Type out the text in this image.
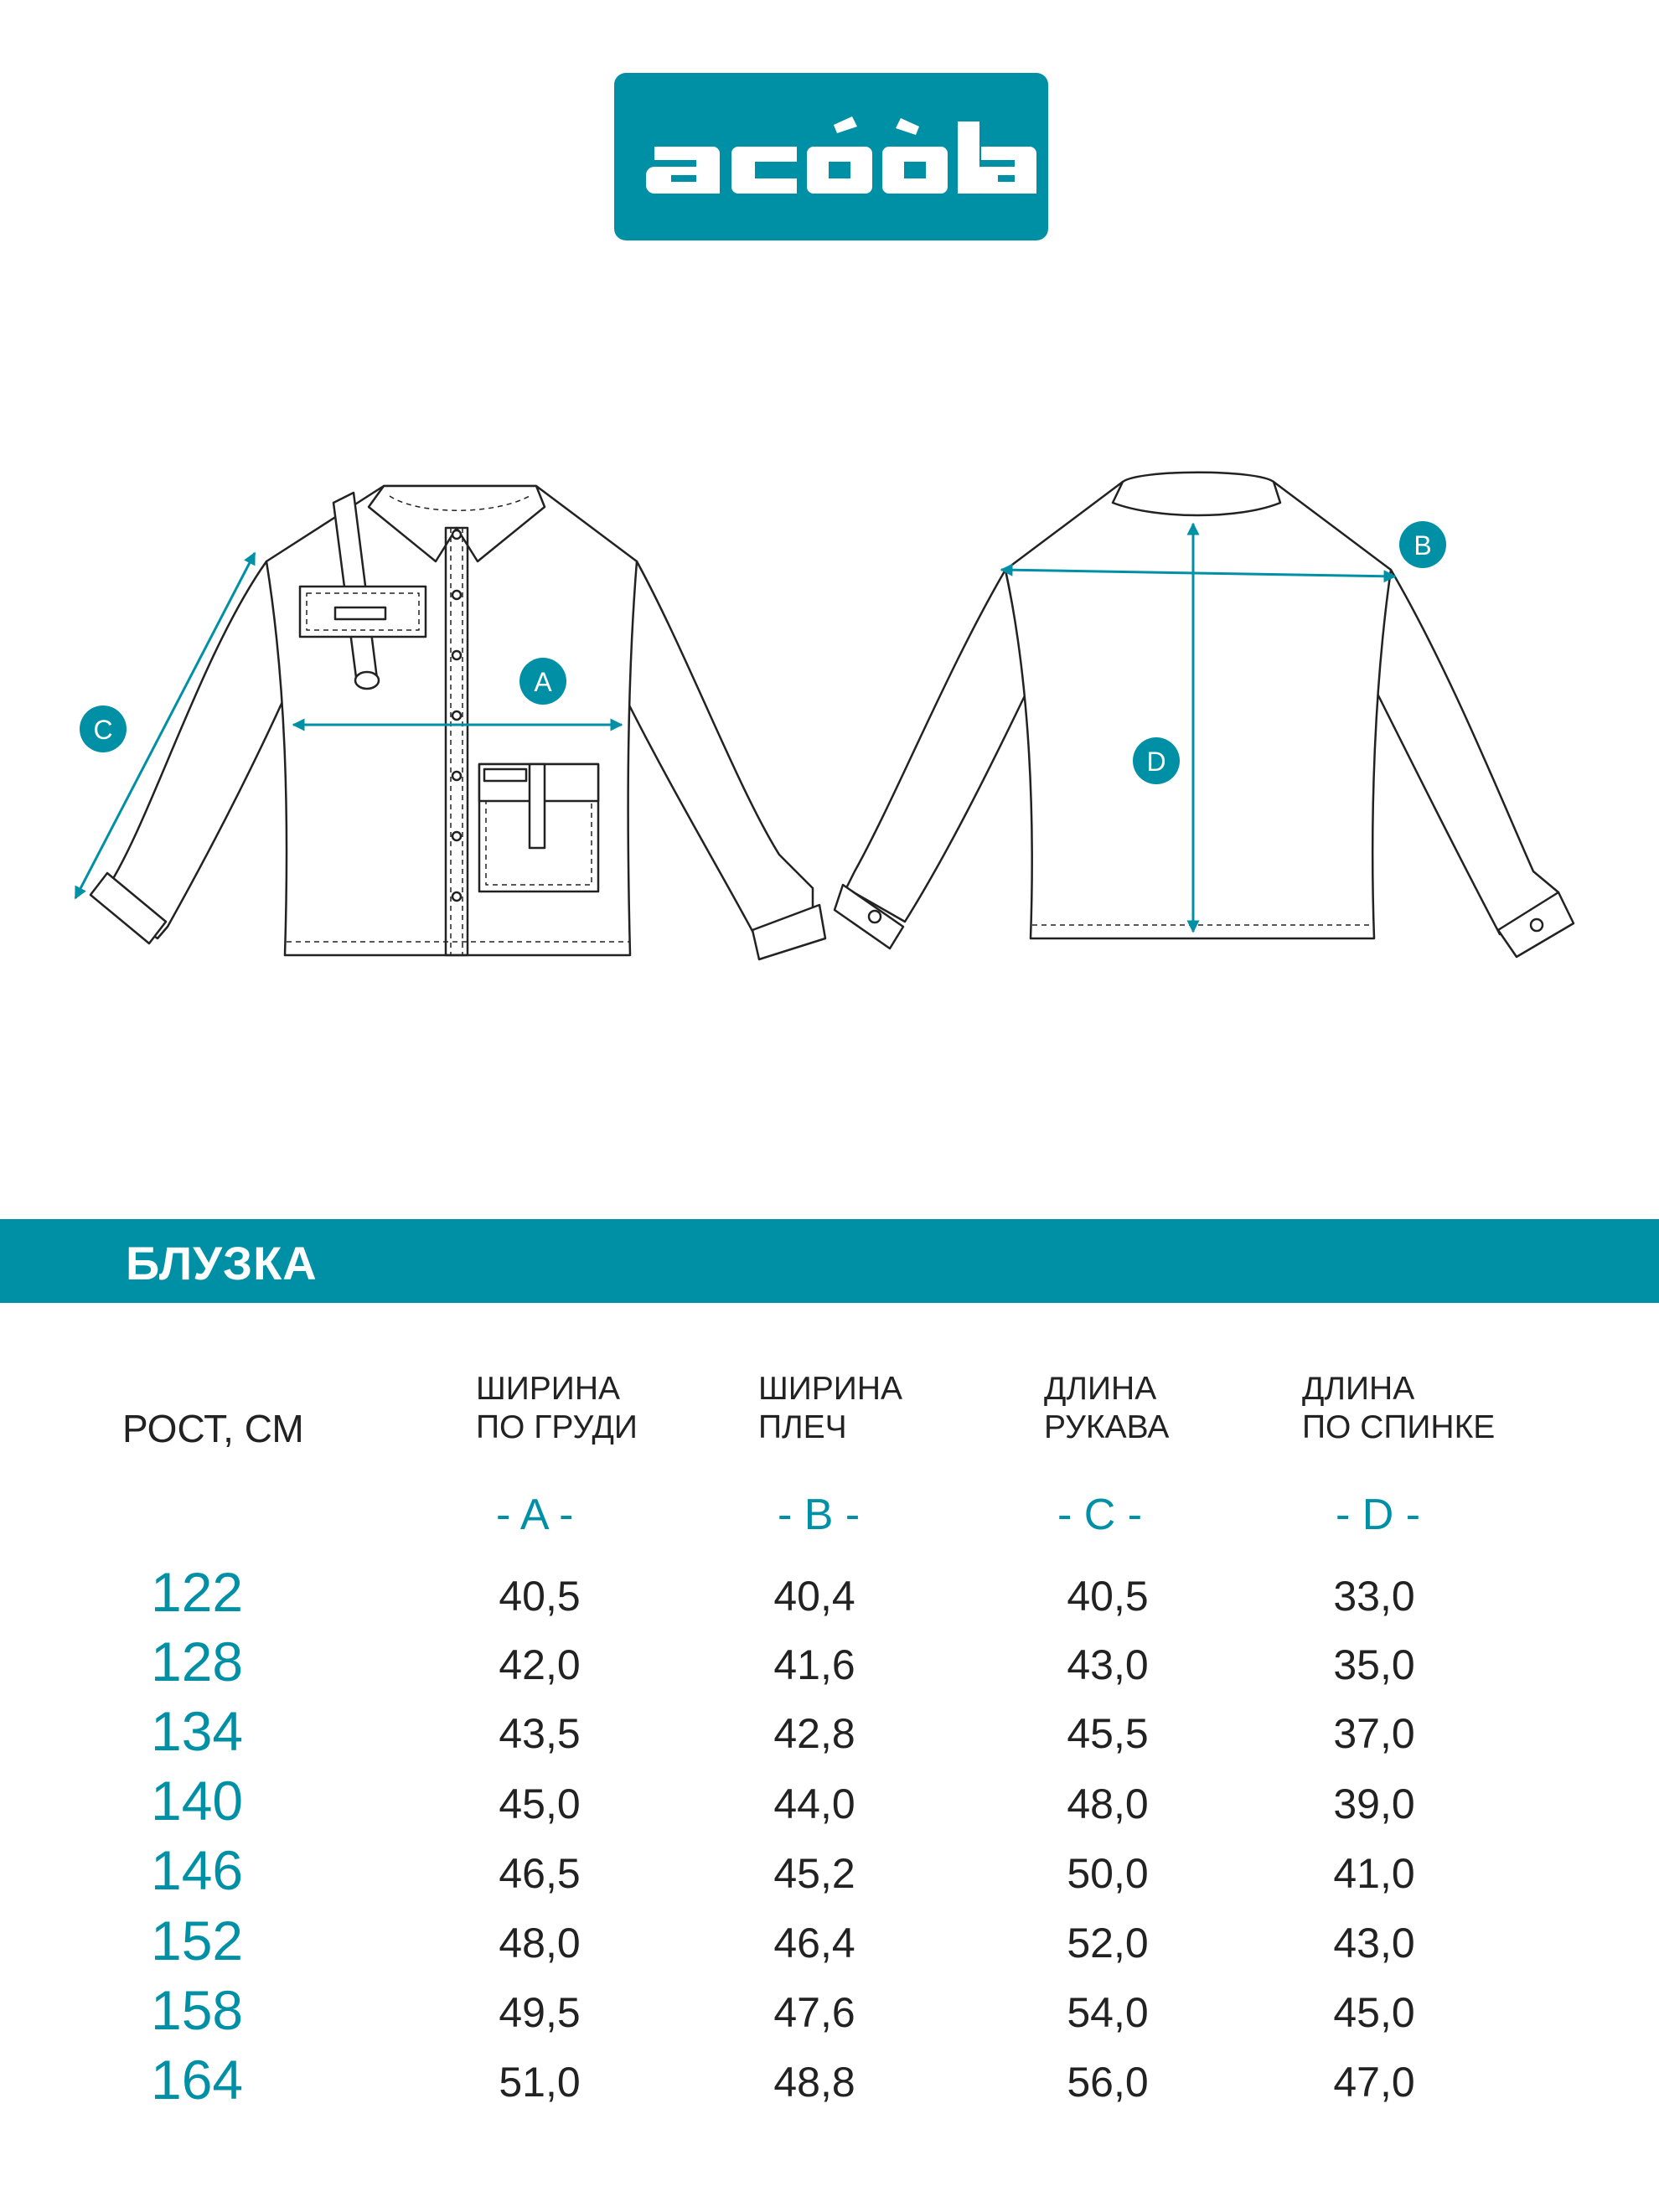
A
B
C
D
БЛУЗКА
РОСТ, СМ
ШИРИНА
ПО ГРУДИ
ШИРИНА
ПЛЕЧ
ДЛИНА
РУКАВА
ДЛИНА
ПО СПИНКЕ
- A -	- B -	- C -	- D -
122	40,5	40,4	40,5	33,0
128	42,0	41,6	43,0	35,0
134	43,5	42,8	45,5	37,0
140	45,0	44,0	48,0	39,0
146	46,5	45,2	50,0	41,0
152	48,0	46,4	52,0	43,0
158	49,5	47,6	54,0	45,0
164	51,0	48,8	56,0	47,0
